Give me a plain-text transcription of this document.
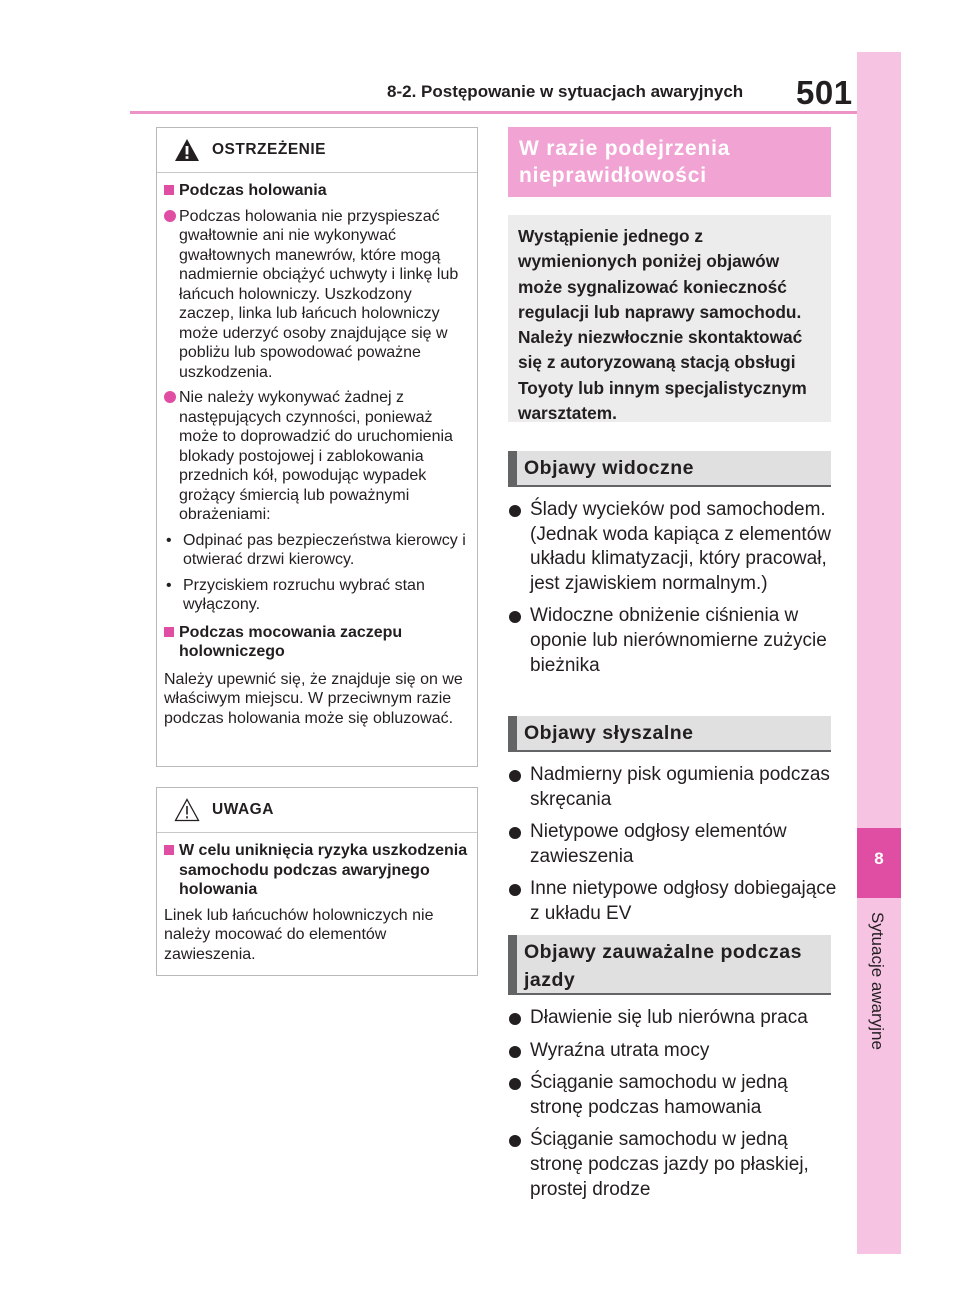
8-2. Postępowanie w sytuacjach awaryjnych 501
8
Sytuacje awaryjne
OSTRZEŻENIE
Podczas holowania
Podczas holowania nie przyspieszać gwałtownie ani nie wykonywać gwałtownych manewrów, które mogą nadmiernie obciążyć uchwyty i linkę lub łańcuch holowniczy. Uszkodzony zaczep, linka lub łańcuch holowniczy może uderzyć osoby znajdujące się w pobliżu lub spowodować poważne uszkodzenia.
Nie należy wykonywać żadnej z następujących czynności, ponieważ może to doprowadzić do uruchomienia blokady postojowej i zablokowania przednich kół, powodując wypadek grożący śmiercią lub poważnymi obrażeniami:
• Odpinać pas bezpieczeństwa kierowcy i otwierać drzwi kierowcy.
• Przyciskiem rozruchu wybrać stan wyłączony.
Podczas mocowania zaczepu holowniczego
Należy upewnić się, że znajduje się on we właściwym miejscu. W przeciwnym razie podczas holowania może się obluzować.
UWAGA
W celu uniknięcia ryzyka uszkodzenia samochodu podczas awaryjnego holowania
Linek lub łańcuchów holowniczych nie należy mocować do elementów zawieszenia.
W razie podejrzenia nieprawidłowości
Wystąpienie jednego z wymienionych poniżej objawów może sygnalizować konieczność regulacji lub naprawy samochodu. Należy niezwłocznie skontaktować się z autoryzowaną stacją obsługi Toyoty lub innym specjalistycznym warsztatem.
Objawy widoczne
Ślady wycieków pod samochodem. (Jednak woda kapiąca z elementów układu klimatyzacji, który pracował, jest zjawiskiem normalnym.)
Widoczne obniżenie ciśnienia w oponie lub nierównomierne zużycie bieżnika
Objawy słyszalne
Nadmierny pisk ogumienia podczas skręcania
Nietypowe odgłosy elementów zawieszenia
Inne nietypowe odgłosy dobiegające z układu EV
Objawy zauważalne podczas jazdy
Dławienie się lub nierówna praca
Wyraźna utrata mocy
Ściąganie samochodu w jedną stronę podczas hamowania
Ściąganie samochodu w jedną stronę podczas jazdy po płaskiej, prostej drodze
